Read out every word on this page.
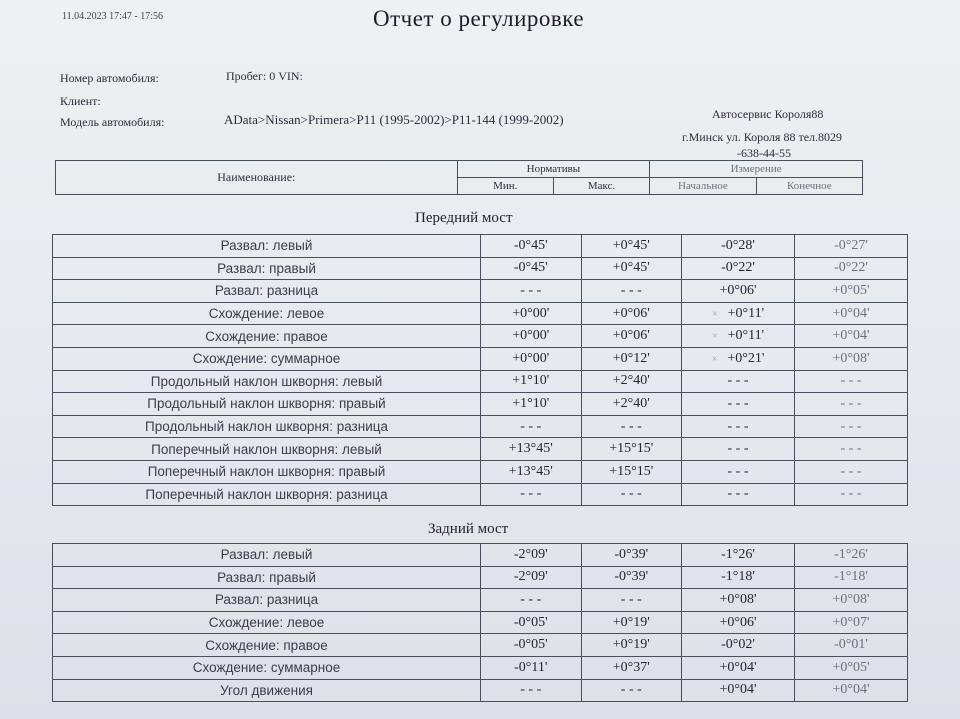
11.04.2023 17:47 - 17:56	Отчет о регулировке
Номер автомобиля:	Пробег: 0 VIN:
Клиент:
Модель автомобиля:	AData>Nissan>Primera>P11 (1995-2002)>P11-144 (1999-2002)	Автосервис Короля88
г.Минск ул. Короля 88 тел.8029
-638-44-55
Наименование:	Нормативы		Измерение	
	Мин.	Макс.	Начальное	Конечное
Передний мост
Развал: левый	-0°45'	+0°45'	-0°28'	-0°27'
Развал: правый	-0°45'	+0°45'	-0°22'	-0°22'
Развал: разница	- - -	- - -	+0°06'	+0°05'
Схождение: левое	+0°00'	+0°06'	× +0°11'	+0°04'
Схождение: правое	+0°00'	+0°06'	× +0°11'	+0°04'
Схождение: суммарное	+0°00'	+0°12'	× +0°21'	+0°08'
Продольный наклон шкворня: левый	+1°10'	+2°40'	- - -	- - -
Продольный наклон шкворня: правый	+1°10'	+2°40'	- - -	- - -
Продольный наклон шкворня: разница	- - -	- - -	- - -	- - -
Поперечный наклон шкворня: левый	+13°45'	+15°15'	- - -	- - -
Поперечный наклон шкворня: правый	+13°45'	+15°15'	- - -	- - -
Поперечный наклон шкворня: разница	- - -	- - -	- - -	- - -
Задний мост
Развал: левый	-2°09'	-0°39'	-1°26'	-1°26'
Развал: правый	-2°09'	-0°39'	-1°18'	-1°18'
Развал: разница	- - -	- - -	+0°08'	+0°08'
Схождение: левое	-0°05'	+0°19'	+0°06'	+0°07'
Схождение: правое	-0°05'	+0°19'	-0°02'	-0°01'
Схождение: суммарное	-0°11'	+0°37'	+0°04'	+0°05'
Угол движения	- - -	- - -	+0°04'	+0°04'
